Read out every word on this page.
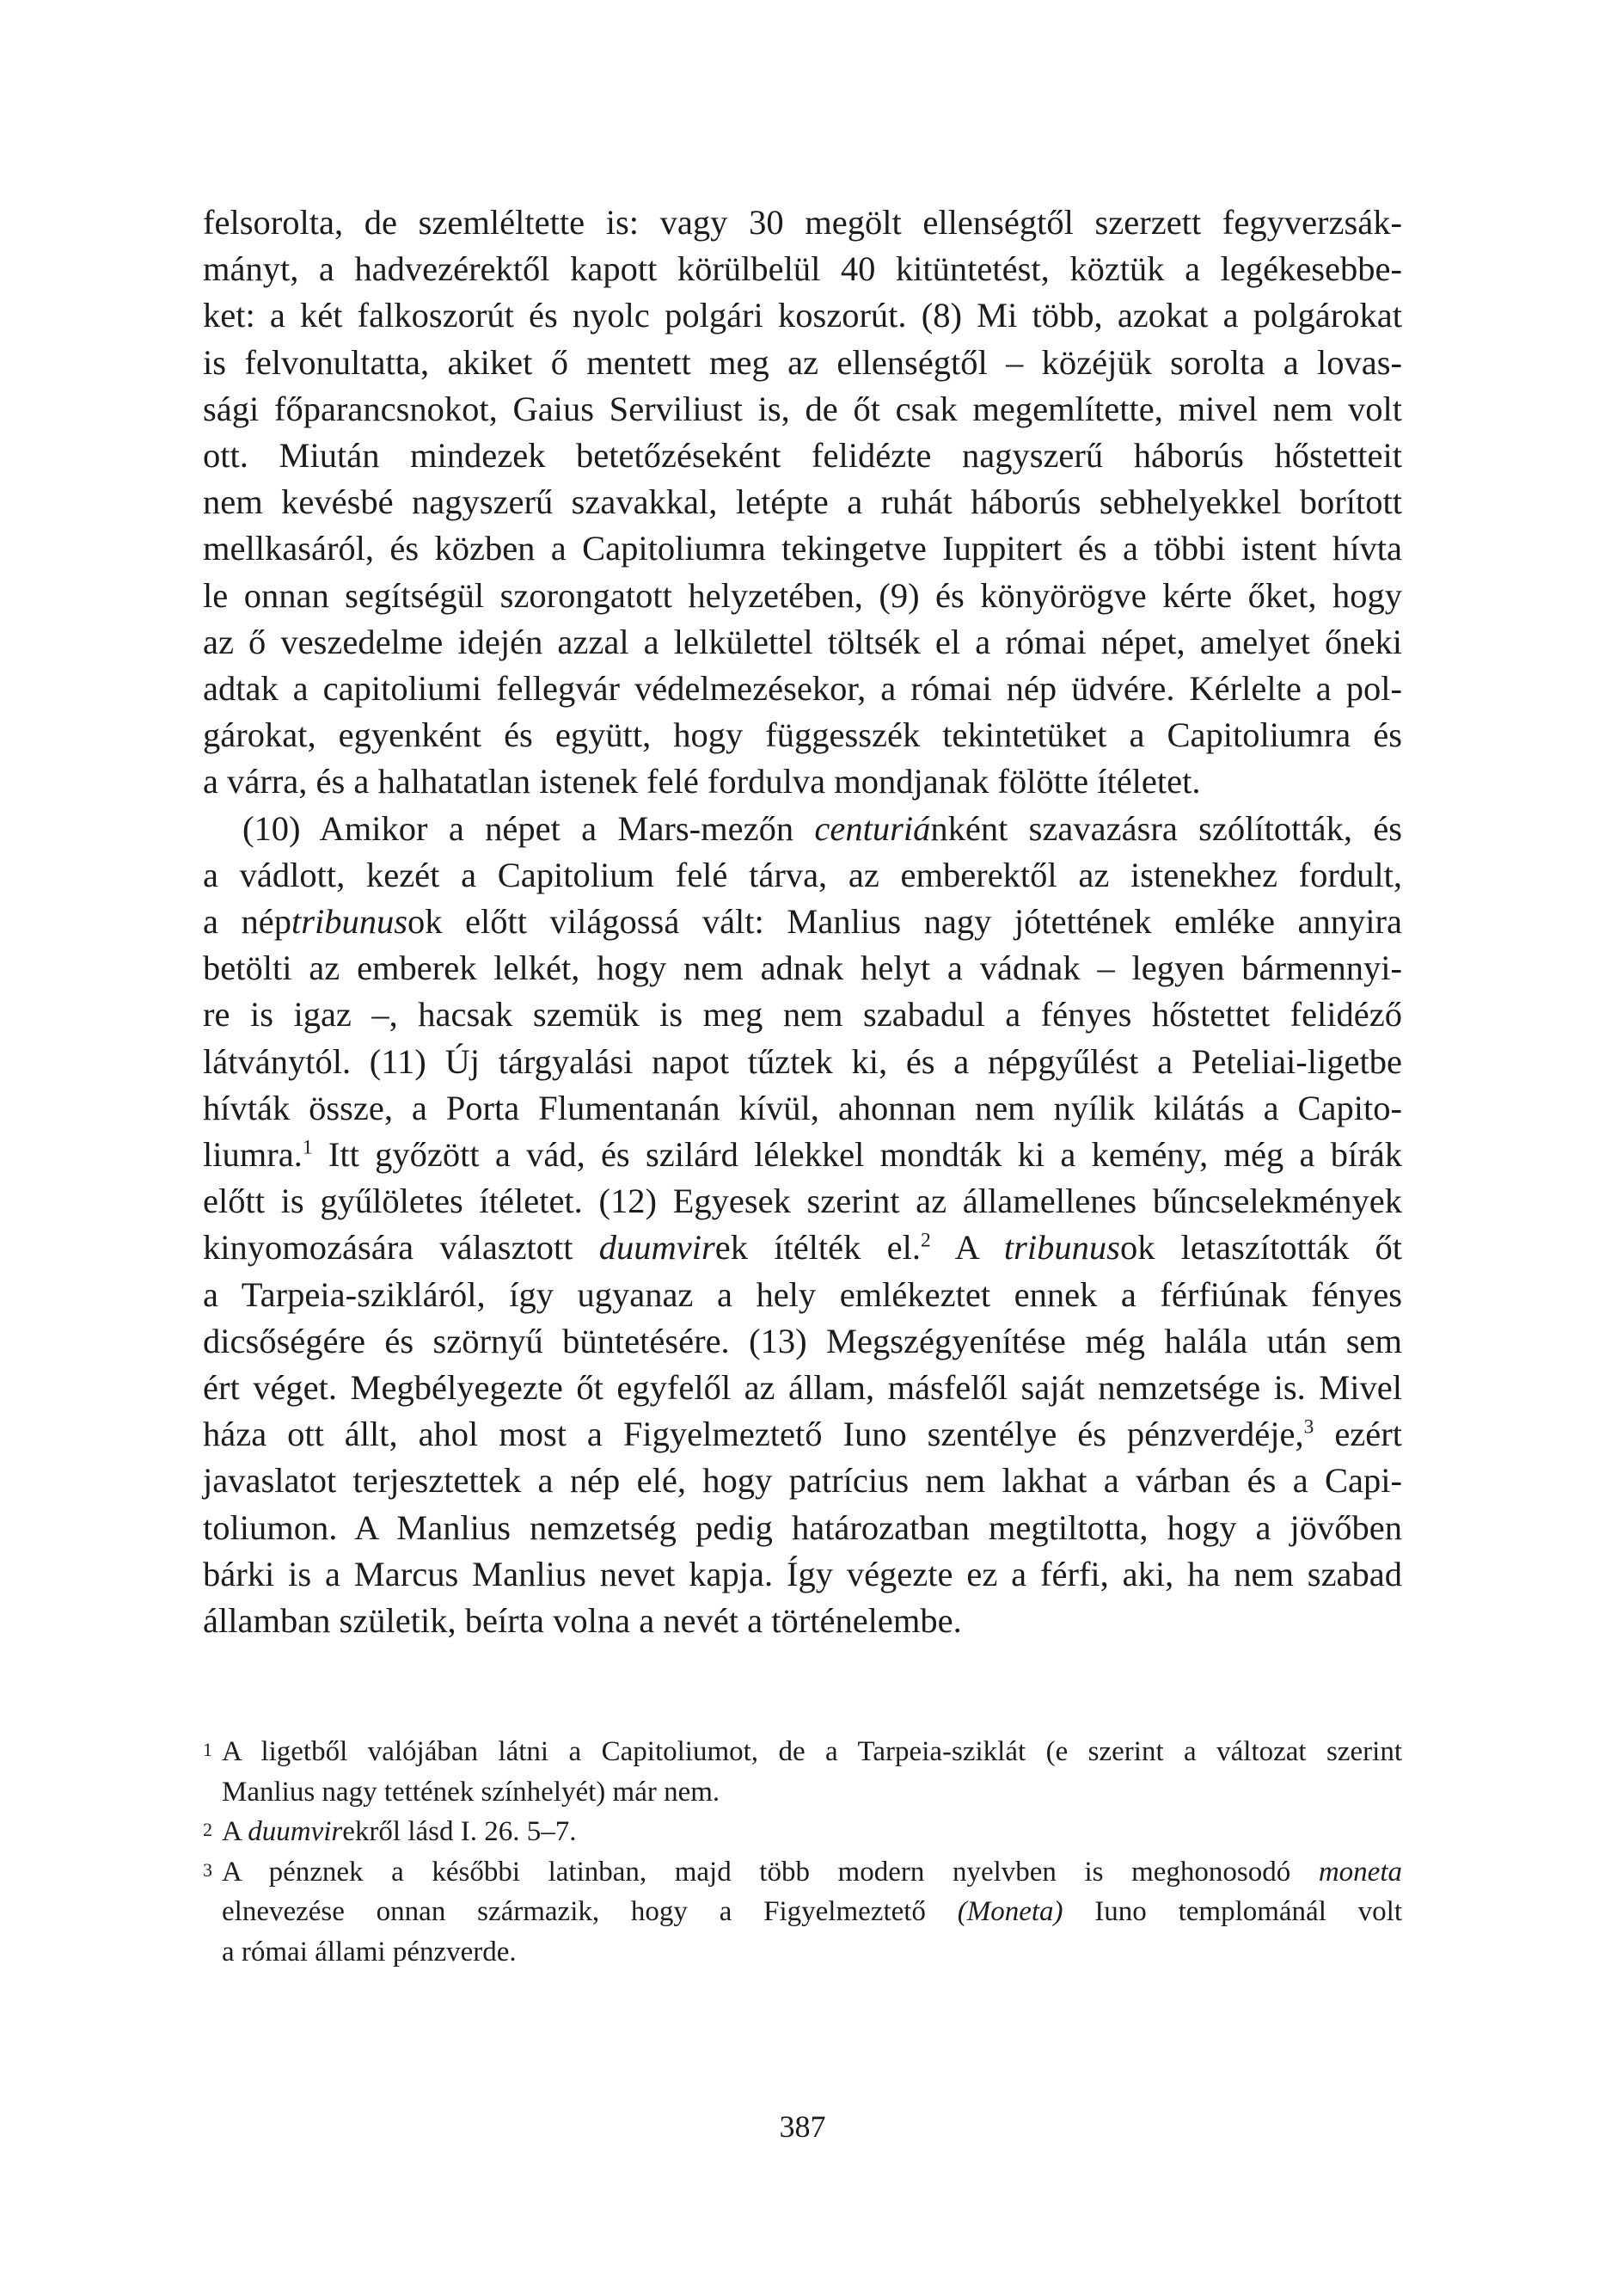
felsorolta, de szemléltette is: vagy 30 megölt ellenségtől szerzett fegyverzsák-
mányt, a hadvezérektől kapott körülbelül 40 kitüntetést, köztük a legékesebbe-
ket: a két falkoszorút és nyolc polgári koszorút. (8) Mi több, azokat a polgárokat
is felvonultatta, akiket ő mentett meg az ellenségtől – közéjük sorolta a lovas-
sági főparancsnokot, Gaius Serviliust is, de őt csak megemlítette, mivel nem volt
ott. Miután mindezek betetőzéseként felidézte nagyszerű háborús hőstetteit
nem kevésbé nagyszerű szavakkal, letépte a ruhát háborús sebhelyekkel borított
mellkasáról, és közben a Capitoliumra tekingetve Iuppitert és a többi istent hívta
le onnan segítségül szorongatott helyzetében, (9) és könyörögve kérte őket, hogy
az ő veszedelme idején azzal a lelkülettel töltsék el a római népet, amelyet őneki
adtak a capitoliumi fellegvár védelmezésekor, a római nép üdvére. Kérlelte a pol-
gárokat, egyenként és együtt, hogy függesszék tekintetüket a Capitoliumra és
a várra, és a halhatatlan istenek felé fordulva mondjanak fölötte ítéletet.
(10) Amikor a népet a Mars-mezőn centuriánként szavazásra szólították, és
a vádlott, kezét a Capitolium felé tárva, az emberektől az istenekhez fordult,
a néptribunusok előtt világossá vált: Manlius nagy jótettének emléke annyira
betölti az emberek lelkét, hogy nem adnak helyt a vádnak – legyen bármennyi-
re is igaz –, hacsak szemük is meg nem szabadul a fényes hőstettet felidéző
látványtól. (11) Új tárgyalási napot tűztek ki, és a népgyűlést a Peteliai-ligetbe
hívták össze, a Porta Flumentanán kívül, ahonnan nem nyílik kilátás a Capito-
liumra.$^1$ Itt győzött a vád, és szilárd lélekkel mondták ki a kemény, még a bírák
előtt is gyűlöletes ítéletet. (12) Egyesek szerint az államellenes bűncselekmények
kinyomozására választott duumvirek ítélték el.$^2$ A tribunusok letaszították őt
a Tarpeia-szikláról, így ugyanaz a hely emlékeztet ennek a férfiúnak fényes
dicsőségére és szörnyű büntetésére. (13) Megszégyenítése még halála után sem
ért véget. Megbélyegezte őt egyfelől az állam, másfelől saját nemzetsége is. Mivel
háza ott állt, ahol most a Figyelmeztető Iuno szentélye és pénzverdéje,$^3$ ezért
javaslatot terjesztettek a nép elé, hogy patrícius nem lakhat a várban és a Capi-
toliumon. A Manlius nemzetség pedig határozatban megtiltotta, hogy a jövőben
bárki is a Marcus Manlius nevet kapja. Így végezte ez a férfi, aki, ha nem szabad
államban születik, beírta volna a nevét a történelembe.
1 A ligetből valójában látni a Capitoliumot, de a Tarpeia-sziklát (e szerint a változat szerint
Manlius nagy tettének színhelyét) már nem.
2 A duumvirekről lásd I. 26. 5–7.
3 A pénznek a későbbi latinban, majd több modern nyelvben is meghonosodó moneta
elnevezése onnan származik, hogy a Figyelmeztető (Moneta) Iuno templománál volt
a római állami pénzverde.
387
